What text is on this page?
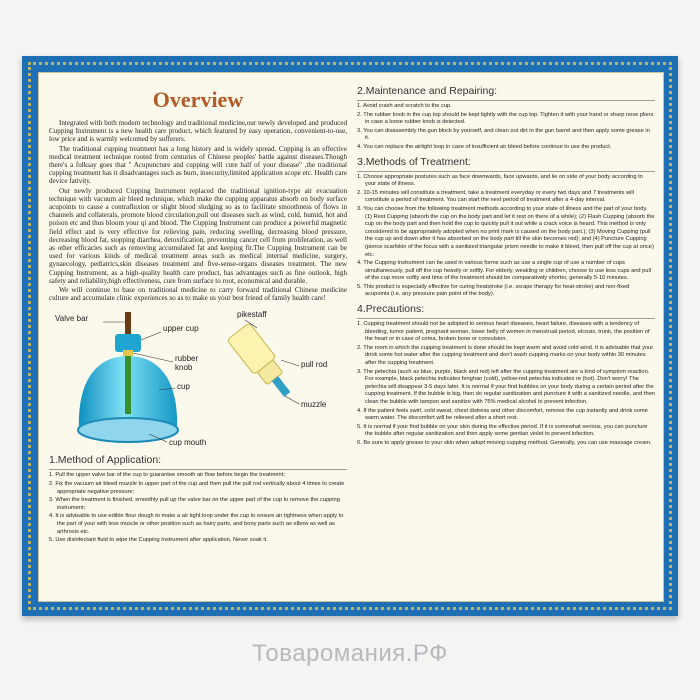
Overview

Integrated with both modern technology and traditional medicine,our newly developed and produced Cupping Instrument is a new health care product, which featured by easy operation, convenient-to-use, low price and is warmly welcomed by sufferers.

The traditional cupping treatment has a long history and is widely spread. Cupping is an effective medical treatment technique rooted from centuries of Chinese peoples' battle against diseases.Though there's a folksay goes that " Acupuncture and cupping will cure half of your disease" ,the traditional cupping treatment has it disadvantages such as burn, insecurity,limited application scope etc. Health care device fativity.

Our newly produced Cupping Instrument replaced the traditional ignition-type air evacuation technique with vacuum air bleed technique, which make the cupping apparatus absorb on body surface acupoints to cause a contrafluxion or slight blood sludging so as to facilitate smoothness of flows in channels and collaterals, promote blood circulation,pull out diseases such as wind, cold, humid, hot and poison etc and thus bloom your qi and blood. The Cupping Instrument can produce a powerful magnetic field effect and is very effective for relieving pain, reducing swelling, decreasing blood pressure, decreasing blood fat, stopping diarrhea, detoxification, preventing cancer cell from proliferation, as well as other efficacies such as removing accumulated fat and keeping fit.The Cupping Instrument can be used for various kinds of medical treatment areas such as medical internal medicine, surgery, gynaecology, pediatrics,skin diseases treatment and five-sense-organs diseases treatment. The new Cupping Instrument, as a high-quality health care product, has advantages such as fine outlook, high safety and reliability,high effectiveness, cure from surface to root, economical and durable.

We will continue to base on traditional medicine to carry forward traditional Chinese medicine culture and accumulate clinic experiences so as to make us your best friend of family health care!

Valve bar
upper cup
rubber knob
cup
cup mouth
pikestaff
pull rod
muzzle
1.Method of Application:
1. Pull the upper valve bar of the cup to guarantee smooth air flow before begin the treatment;
2. Fix the vacuum air bleed muzzle to upper part of the cup and then pull the pull rod vertically about 4 times to create appropriate negative pressure;
3. When the treatment is finished, smoothly pull up the valve bar on the upper part of the cup to remove the cupping instrument;
4. It is advisable to use edible flour dough to make a air tight loop under the cup to ensure air tightness when apply to the part of your with less muscle or other position such as hairy parts, and bony parts such as elbow as well as arthrosis etc.
5. Use disinfectant fluid to wipe the Cupping Instrument after application. Never soak it.
2.Maintenance and Repairing:
1. Avoid crash and scratch to the cup.
2. The rubber knob in the cup top should be kept tightly with the cup top. Tighten it with your hand or sharp nose pliers in case a loose rubber knob is detected.
3. You can disassembly the gun block by yourself, and clean out dirt in the gun barrel and then apply some grease in it.
4. You can replace the airtight loop in case of insufficient air bleed before continue to use the product.
3.Methods of Treatment:
1. Choose appropriate postures such as face downwards, face upwards, and lie on side of your body according to your state of illness.
2. 10-15 minutes will constitute a treatment, take a treatment everyday or every two days and 7 treatments will constitute a period of treatment. You can start the next period of treatment after a 4-day interval.
3. You can choose from the following treatment methods according to your state of illness and the part of your body. (1) Rest Cupping (absorb the cup on the body part and let it rest on there of a while); (2) Flash Cupping (absorb the cup on the body part and then hold the cup to quickly pull it out while a crack voice is heard. This method is only considered to be appropriately adopted when no print mark is caused on the body part.); (3) Moving Cupping (pull the cup up and down after it has absorbed on the body part till the skin becomes red); and (4) Puncture Cupping (pierce scarfskin of the focus with a sanitized triangular prism needle to make it bleed, then pull off the cup at once) etc.
4. The Cupping Instrument can be used in various forms such as use a single cup of use a number of cups simultaneously, pull off the cup heavily or softly. For elderly, weakling or children, choose to use less cups and pull of the cup more softly and time of the treatment should be comparatively shorter, generally 5-10 minutes.
5. This product is especially effective for curing heatstroke (i.e. scrape therapy for heat-stroke) and non-fixed acupoints (i.e. any pressure pain point of the body).
4.Precautions:
1. Cupping treatment should not be adopted to serious heart diseases, heart failure, diseases with a tendency of bleeding, tumor patient, pregnant woman, lower belly of women in menstrual period, elcosis, trunk, the position of the heart or in case of coma, broken bone or convulsion.
2. The room in which the cupping treatment is done should be kept warm and avoid cold wind. It is advisable that your drink some hot water after the cupping treatment and don't wash cupping marks on your body within 30 minutes after the cupping treatment.
3. The petechia (such as blue, purple, black and red) left after the cupping treatment are a kind of symptom reaction. For example, black petechia indicates fenghan (cold), yellow-red petechia indicates re (hot). Don't worry! The petechia will disappear 3-5 days later. It is normal if your find bubbles on your body during a certain period after the cupping treatment. If the bubble is big, then do regular sanitization and puncture it with a sanitized needle, and then clean the bubble with tampon and sanitize with 75% medical alcohol to prevent infection.
4. If the patient feels swirl, cold sweat, chest distress and other discomfort, remove the cup instantly and drink some warm water. The discomfort will be relieved after a short rest.
5. It is normal if your find bubble on your skin during the effective period. If it is somewhat serious, you can puncture the bubble after regular sanitization and then apply some gentian violet to prevent infection.
6. Be sure to apply grease to your skin when adopt moving cupping method. Generally, you can use massage cream.
Товаромания.РФ
